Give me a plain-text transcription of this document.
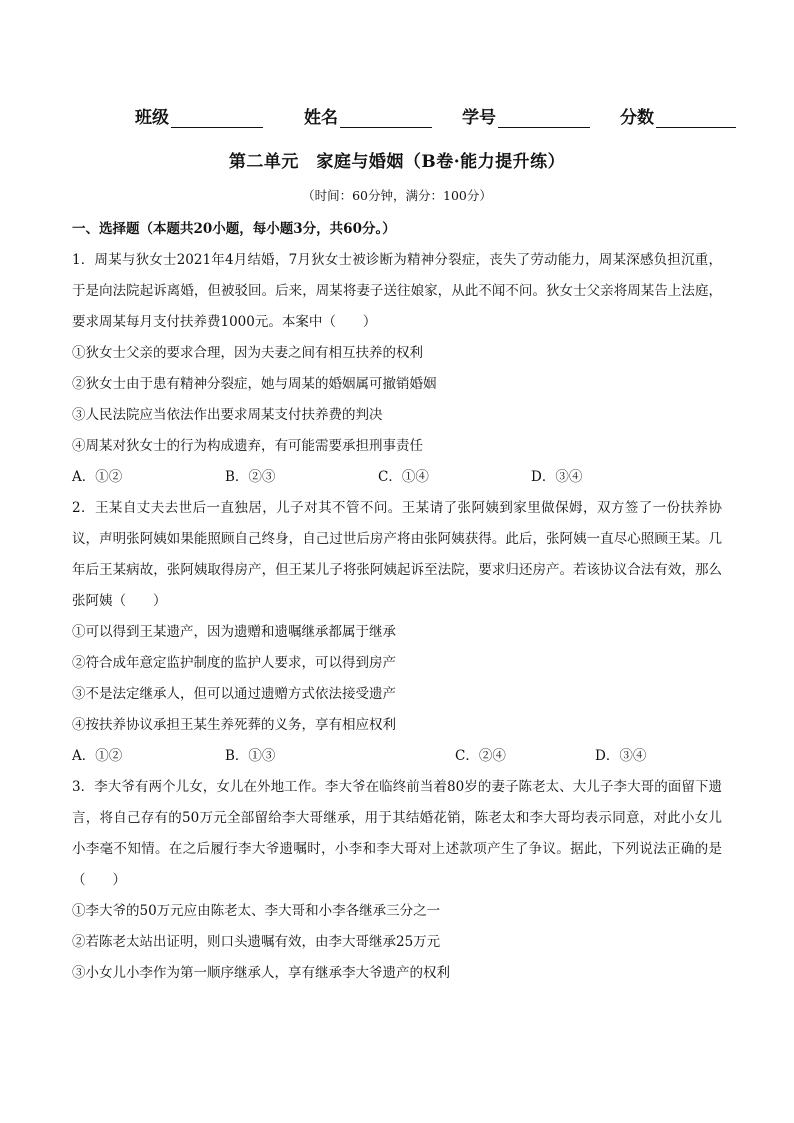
班级	姓名	学号	分数
第二单元　家庭与婚姻（B卷·能力提升练）
（时间：60分钟，满分：100分）
一、选择题（本题共20小题，每小题3分，共60分。）

1．周某与狄女士2021年4月结婚，7月狄女士被诊断为精神分裂症，丧失了劳动能力，周某深感负担沉重，于是向法院起诉离婚，但被驳回。后来，周某将妻子送往娘家，从此不闻不问。狄女士父亲将周某告上法庭，要求周某每月支付扶养费1000元。本案中（　　）

①狄女士父亲的要求合理，因为夫妻之间有相互扶养的权利

②狄女士由于患有精神分裂症，她与周某的婚姻属可撤销婚姻

③人民法院应当依法作出要求周某支付扶养费的判决

④周某对狄女士的行为构成遗弃，有可能需要承担刑事责任

A．①②	B．②③	C．①④	D．③④

2．王某自丈夫去世后一直独居，儿子对其不管不问。王某请了张阿姨到家里做保姆，双方签了一份扶养协议，声明张阿姨如果能照顾自己终身，自己过世后房产将由张阿姨获得。此后，张阿姨一直尽心照顾王某。几年后王某病故，张阿姨取得房产，但王某儿子将张阿姨起诉至法院，要求归还房产。若该协议合法有效，那么张阿姨（　　）

①可以得到王某遗产，因为遗赠和遗嘱继承都属于继承

②符合成年意定监护制度的监护人要求，可以得到房产

③不是法定继承人，但可以通过遗赠方式依法接受遗产

④按扶养协议承担王某生养死葬的义务，享有相应权利

A．①②	B．①③	C．②④	D．③④

3．李大爷有两个儿女，女儿在外地工作。李大爷在临终前当着80岁的妻子陈老太、大儿子李大哥的面留下遗言，将自己存有的50万元全部留给李大哥继承，用于其结婚花销，陈老太和李大哥均表示同意，对此小女儿小李毫不知情。在之后履行李大爷遗嘱时，小李和李大哥对上述款项产生了争议。据此，下列说法正确的是（　　）

①李大爷的50万元应由陈老太、李大哥和小李各继承三分之一

②若陈老太站出证明，则口头遗嘱有效，由李大哥继承25万元

③小女儿小李作为第一顺序继承人，享有继承李大爷遗产的权利
